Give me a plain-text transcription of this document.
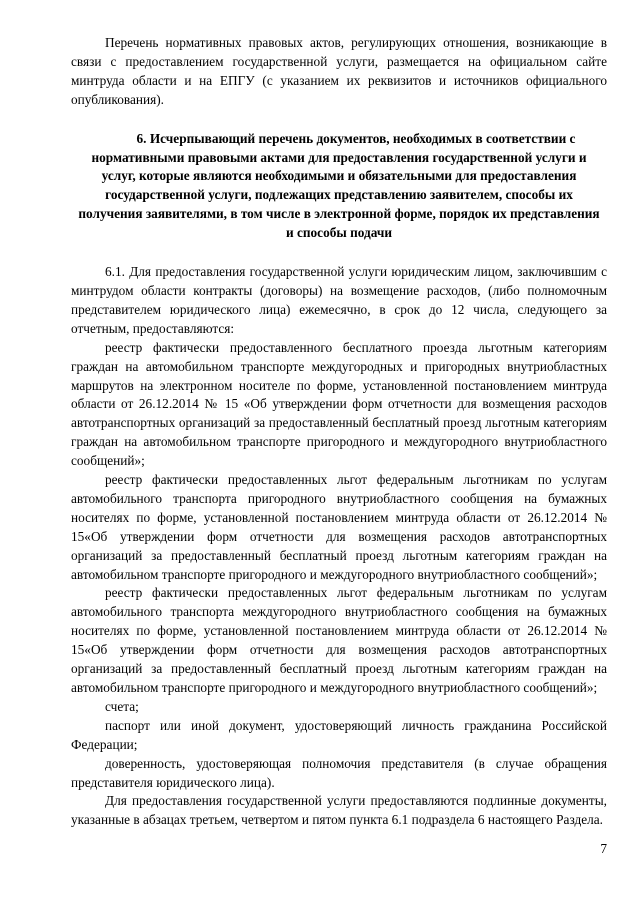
Перечень нормативных правовых актов, регулирующих отношения, возникающие в связи с предоставлением государственной услуги, размещается на официальном сайте минтруда области и на ЕПГУ (с указанием их реквизитов и источников официального опубликования).

6. Исчерпывающий перечень документов, необходимых в соответствии с нормативными правовыми актами для предоставления государственной услуги и услуг, которые являются необходимыми и обязательными для предоставления государственной услуги, подлежащих представлению заявителем, способы их получения заявителями, в том числе в электронной форме, порядок их представления и способы подачи

6.1. Для предоставления государственной услуги юридическим лицом, заключившим с минтрудом области контракты (договоры) на возмещение расходов, (либо полномочным представителем юридического лица) ежемесячно, в срок до 12 числа, следующего за отчетным, предоставляются:

реестр фактически предоставленного бесплатного проезда льготным категориям граждан на автомобильном транспорте междугородных и пригородных внутриобластных маршрутов на электронном носителе по форме, установленной постановлением минтруда области от 26.12.2014 № 15 «Об утверждении форм отчетности для возмещения расходов автотранспортных организаций за предоставленный бесплатный проезд льготным категориям граждан на автомобильном транспорте пригородного и междугородного внутриобластного сообщений»;

реестр фактически предоставленных льгот федеральным льготникам по услугам автомобильного транспорта пригородного внутриобластного сообщения на бумажных носителях по форме, установленной постановлением минтруда области от 26.12.2014 № 15«Об утверждении форм отчетности для возмещения расходов автотранспортных организаций за предоставленный бесплатный проезд льготным категориям граждан на автомобильном транспорте пригородного и междугородного внутриобластного сообщений»;

реестр фактически предоставленных льгот федеральным льготникам по услугам автомобильного транспорта междугородного внутриобластного сообщения на бумажных носителях по форме, установленной постановлением минтруда области от 26.12.2014 № 15«Об утверждении форм отчетности для возмещения расходов автотранспортных организаций за предоставленный бесплатный проезд льготным категориям граждан на автомобильном транспорте пригородного и междугородного внутриобластного сообщений»;

счета;

паспорт или иной документ, удостоверяющий личность гражданина Российской Федерации;

доверенность, удостоверяющая полномочия представителя (в случае обращения представителя юридического лица).

Для предоставления государственной услуги предоставляются подлинные документы, указанные в абзацах третьем, четвертом и пятом пункта 6.1 подраздела 6 настоящего Раздела.

7
